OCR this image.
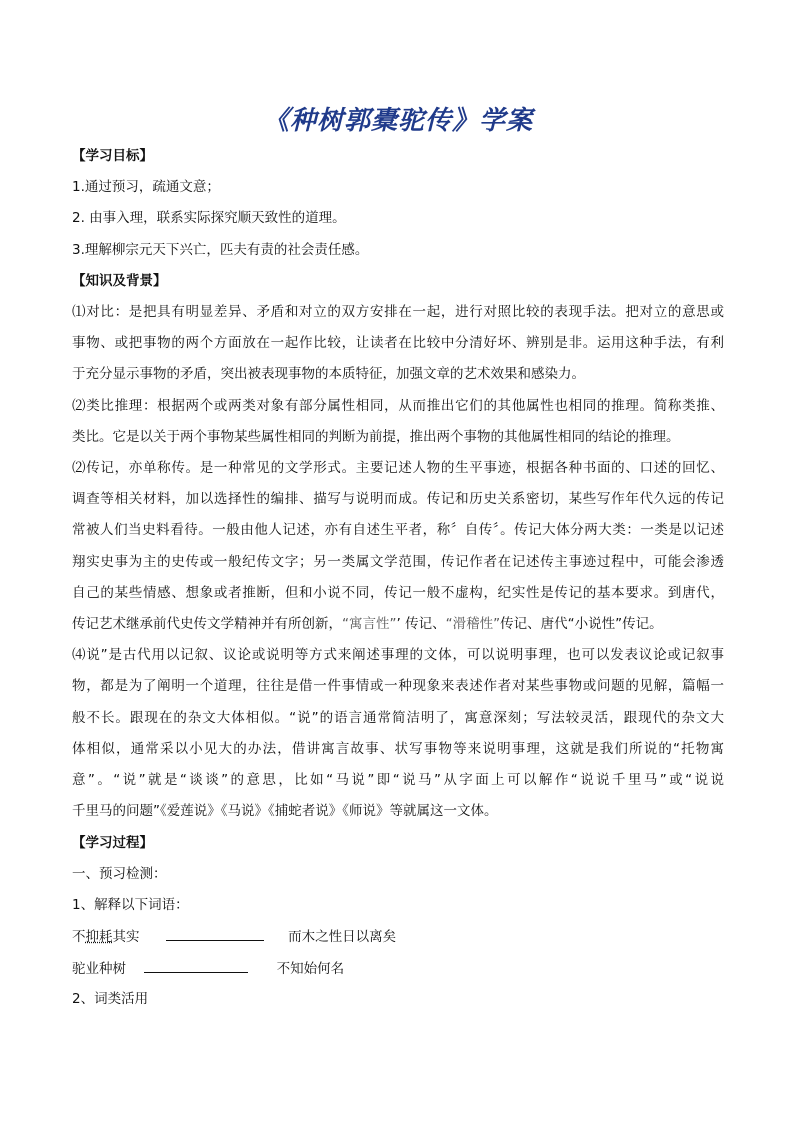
《种树郭橐驼传》学案
【学习目标】
1.通过预习，疏通文意；
2. 由事入理，联系实际探究顺天致性的道理。
3.理解柳宗元天下兴亡，匹夫有责的社会责任感。
【知识及背景】
⑴对比：是把具有明显差异、矛盾和对立的双方安排在一起，进行对照比较的表现手法。把对立的意思或
事物、或把事物的两个方面放在一起作比较，让读者在比较中分清好坏、辨别是非。运用这种手法，有利
于充分显示事物的矛盾，突出被表现事物的本质特征，加强文章的艺术效果和感染力。
⑵类比推理：根据两个或两类对象有部分属性相同，从而推出它们的其他属性也相同的推理。简称类推、
类比。它是以关于两个事物某些属性相同的判断为前提，推出两个事物的其他属性相同的结论的推理。
⑵传记，亦单称传。是一种常见的文学形式。主要记述人物的生平事迹，根据各种书面的、口述的回忆、
调查等相关材料，加以选择性的编排、描写与说明而成。传记和历史关系密切，某些写作年代久远的传记
常被人们当史料看待。一般由他人记述，亦有自述生平者，称〞自传〞。传记大体分两大类：一类是以记述
翔实史事为主的史传或一般纪传文字；另一类属文学范围，传记作者在记述传主事迹过程中，可能会渗透
自己的某些情感、想象或者推断，但和小说不同，传记一般不虚构，纪实性是传记的基本要求。到唐代，
传记艺术继承前代史传文学精神并有所创新，“寓言性”’ 传记、“滑稽性”传记、唐代“小说性”传记。
⑷说”是古代用以记叙、议论或说明等方式来阐述事理的文体，可以说明事理，也可以发表议论或记叙事
物，都是为了阐明一个道理，往往是借一件事情或一种现象来表述作者对某些事物或问题的见解，篇幅一
般不长。跟现在的杂文大体相似。“说”的语言通常简洁明了，寓意深刻；写法较灵活，跟现代的杂文大
体相似，通常采以小见大的办法，借讲寓言故事、状写事物等来说明事理，这就是我们所说的“托物寓
意”。“说”就是“谈谈”的意思，比如“马说”即“说马”从字面上可以解作“说说千里马”或“说说
千里马的问题”《爱莲说》《马说》《捕蛇者说》《师说》等就属这一文体。
【学习过程】
一、预习检测：
1、解释以下词语：
不抑耗其实	而木之性日以离矣
驼业种树	不知始何名
2、词类活用
